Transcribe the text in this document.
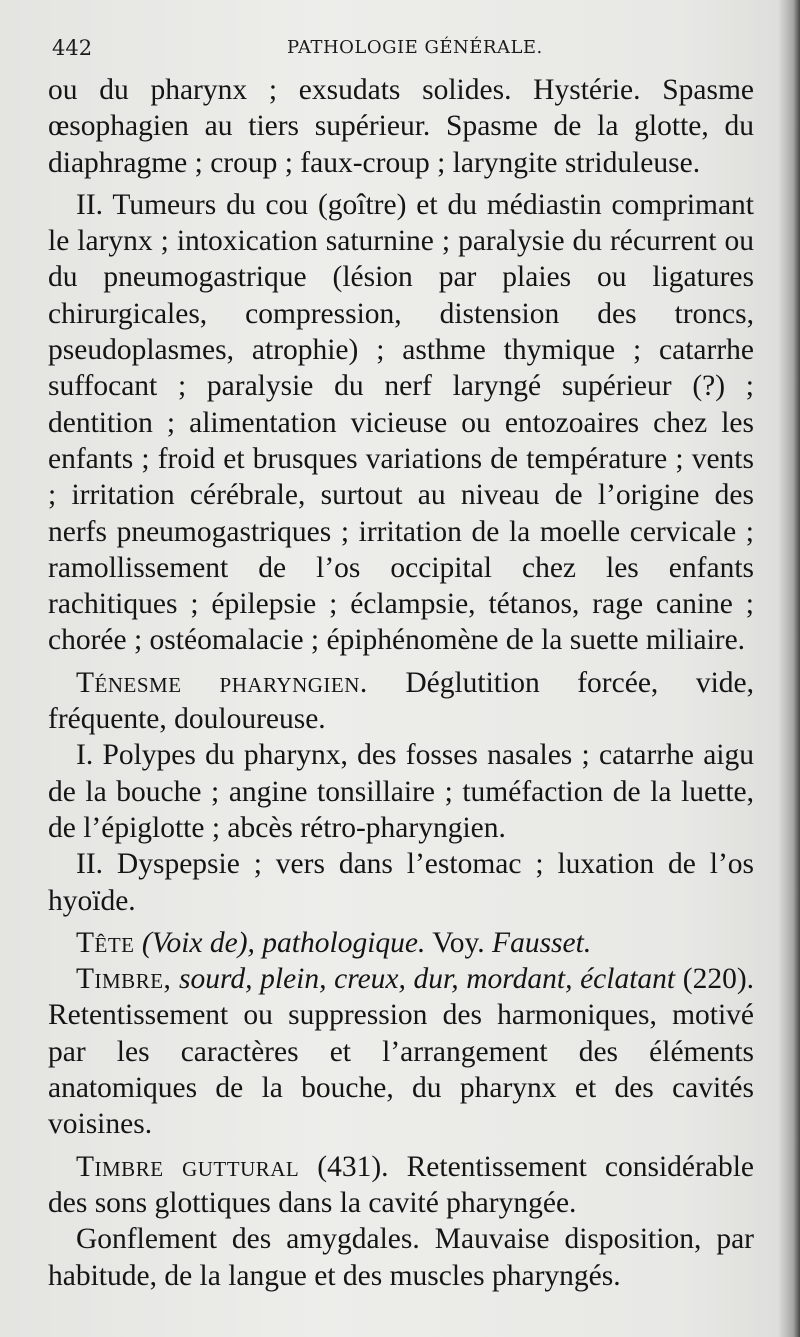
442	PATHOLOGIE GÉNÉRALE.

ou du pharynx ; exsudats solides. Hystérie. Spasme œsophagien au tiers supérieur. Spasme de la glotte, du diaphragme ; croup ; faux-croup ; laryngite striduleuse.

II. Tumeurs du cou (goître) et du médiastin comprimant le larynx ; intoxication saturnine ; paralysie du récurrent ou du pneumogastrique (lésion par plaies ou ligatures chirurgicales, compression, distension des troncs, pseudoplasmes, atrophie) ; asthme thymique ; catarrhe suffocant ; paralysie du nerf laryngé supérieur (?) ; dentition ; alimentation vicieuse ou entozoaires chez les enfants ; froid et brusques variations de température ; vents ; irritation cérébrale, surtout au niveau de l’origine des nerfs pneumogastriques ; irritation de la moelle cervicale ; ramollissement de l’os occipital chez les enfants rachitiques ; épilepsie ; éclampsie, tétanos, rage canine ; chorée ; ostéomalacie ; épiphénomène de la suette miliaire.

Ténesme pharyngien. Déglutition forcée, vide, fréquente, douloureuse.

I. Polypes du pharynx, des fosses nasales ; catarrhe aigu de la bouche ; angine tonsillaire ; tuméfaction de la luette, de l’épiglotte ; abcès rétro-pharyngien.

II. Dyspepsie ; vers dans l’estomac ; luxation de l’os hyoïde.

Tête (Voix de), pathologique. Voy. Fausset.

Timbre, sourd, plein, creux, dur, mordant, éclatant (220). Retentissement ou suppression des harmoniques, motivé par les caractères et l’arrangement des éléments anatomiques de la bouche, du pharynx et des cavités voisines.

Timbre guttural (431). Retentissement considérable des sons glottiques dans la cavité pharyngée.

Gonflement des amygdales. Mauvaise disposition, par habitude, de la langue et des muscles pharyngés.
